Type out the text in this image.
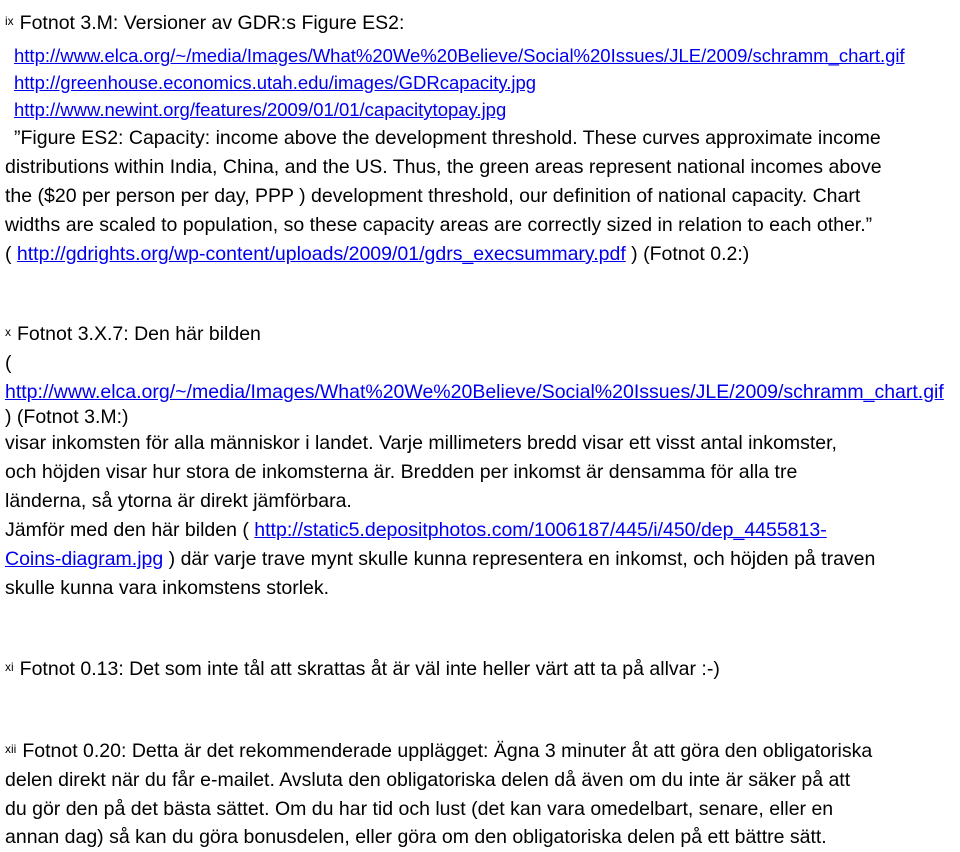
$^{ix}$ Fotnot 3.M: Versioner av GDR:s Figure ES2:
http://www.elca.org/~/media/Images/What%20We%20Believe/Social%20Issues/JLE/2009/schramm_chart.gif
http://greenhouse.economics.utah.edu/images/GDRcapacity.jpg
http://www.newint.org/features/2009/01/01/capacitytopay.jpg
”Figure ES2: Capacity: income above the development threshold. These curves approximate income
distributions within India, China, and the US. Thus, the green areas represent national incomes above
the ($20 per person per day, PPP ) development threshold, our definition of national capacity. Chart
widths are scaled to population, so these capacity areas are correctly sized in relation to each other.”
( http://gdrights.org/wp-content/uploads/2009/01/gdrs_execsummary.pdf ) (Fotnot 0.2:)
$^x$ Fotnot 3.X.7: Den här bilden
(
http://www.elca.org/~/media/Images/What%20We%20Believe/Social%20Issues/JLE/2009/schramm_chart.gif
) (Fotnot 3.M:)
visar inkomsten för alla människor i landet. Varje millimeters bredd visar ett visst antal inkomster,
och höjden visar hur stora de inkomsterna är. Bredden per inkomst är densamma för alla tre
länderna, så ytorna är direkt jämförbara.
Jämför med den här bilden ( http://static5.depositphotos.com/1006187/445/i/450/dep_4455813-
Coins-diagram.jpg ) där varje trave mynt skulle kunna representera en inkomst, och höjden på traven
skulle kunna vara inkomstens storlek.
$^{xi}$ Fotnot 0.13: Det som inte tål att skrattas åt är väl inte heller värt att ta på allvar :-)
$^{xii}$ Fotnot 0.20: Detta är det rekommenderade upplägget: Ägna 3 minuter åt att göra den obligatoriska
delen direkt när du får e-mailet. Avsluta den obligatoriska delen då även om du inte är säker på att
du gör den på det bästa sättet. Om du har tid och lust (det kan vara omedelbart, senare, eller en
annan dag) så kan du göra bonusdelen, eller göra om den obligatoriska delen på ett bättre sätt.
